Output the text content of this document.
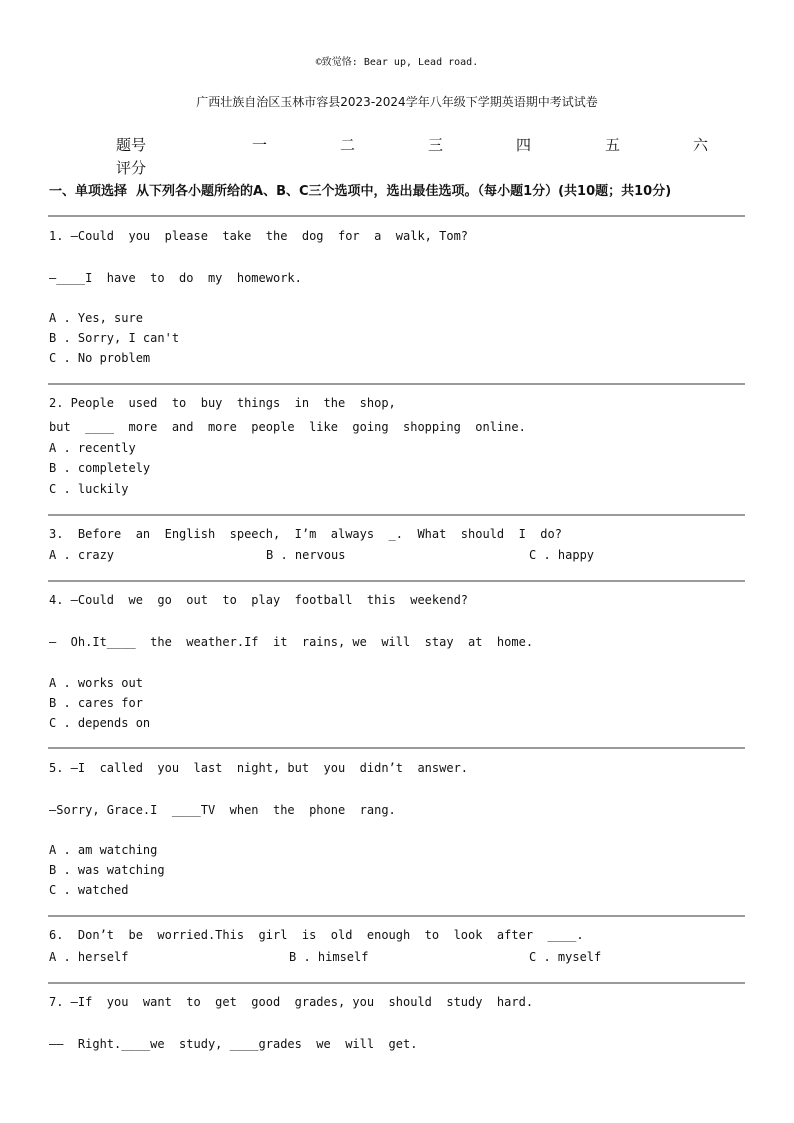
©致觉恪: Bear up, Lead road.
广西壮族自治区玉林市容县2023-2024学年八年级下学期英语期中考试试卷
题号	一	二	三	四	五	六
评分
一、单项选择  从下列各小题所给的A、B、C三个选项中，选出最佳选项。（每小题1分）(共10题；共10分)
1. —Could  you  please  take  the  dog  for  a  walk, Tom?
—____I  have  to  do  my  homework.
A . Yes, sure
B . Sorry, I can't
C . No problem
2. People  used  to  buy  things  in  the  shop,
but  ____  more  and  more  people  like  going  shopping  online.
A . recently
B . completely
C . luckily
3.  Before  an  English  speech,  I’m  always  _.  What  should  I  do?
A . crazy	B . nervous	C . happy
4. —Could  we  go  out  to  play  football  this  weekend?
—  Oh.It____  the  weather.If  it  rains, we  will  stay  at  home.
A . works out
B . cares for
C . depends on
5. —I  called  you  last  night, but  you  didn’t  answer.
—Sorry, Grace.I  ____TV  when  the  phone  rang.
A . am watching
B . was watching
C . watched
6.  Don’t  be  worried.This  girl  is  old  enough  to  look  after  ____.
A . herself	B . himself	C . myself
7. —If  you  want  to  get  good  grades, you  should  study  hard.
——  Right.____we  study, ____grades  we  will  get.
